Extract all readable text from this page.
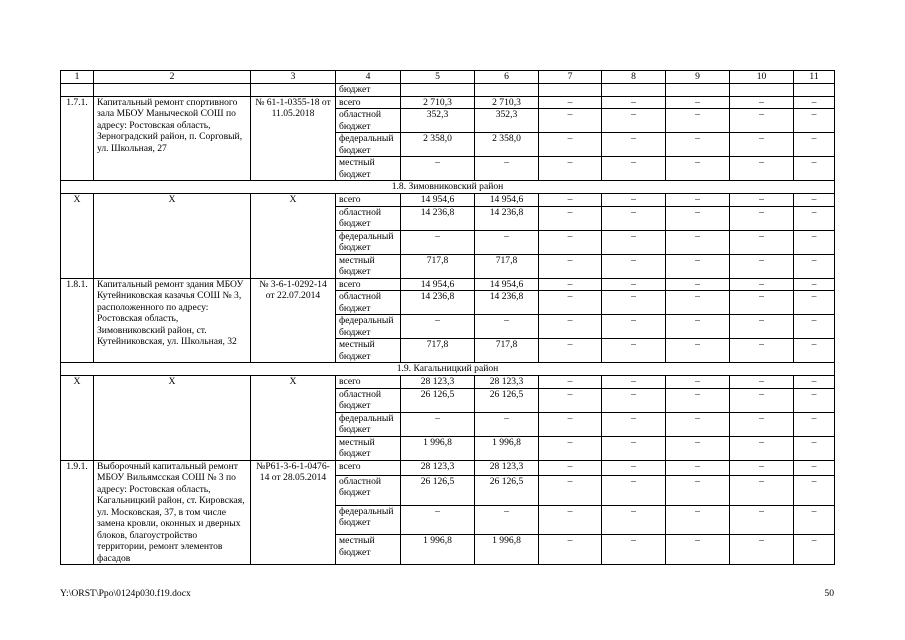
1	2	3	4	5	6	7	8	9	10	11
			бюджет							
1.7.1.	Капитальный ремонт спортивного зала МБОУ Маныческой СОШ по адресу: Ростовская область, Зерноградский район, п. Сорговый, ул. Школьная, 27	№ 61-1-0355-18 от 11.05.2018	всего	2 710,3	2 710,3	–	–	–	–	–
			областной бюджет	352,3	352,3	–	–	–	–	–
			федеральный бюджет	2 358,0	2 358,0	–	–	–	–	–
			местный бюджет	–	–	–	–	–	–	–
1.8. Зимовниковский район										
Х	Х	Х	всего	14 954,6	14 954,6	–	–	–	–	–
			областной бюджет	14 236,8	14 236,8	–	–	–	–	–
			федеральный бюджет	–	–	–	–	–	–	–
			местный бюджет	717,8	717,8	–	–	–	–	–
1.8.1.	Капитальный ремонт здания МБОУ Кутейниковская казачья СОШ № 3, расположенного по адресу: Ростовская область, Зимовниковский район, ст. Кутейниковская, ул. Школьная, 32	№ 3-6-1-0292-14 от 22.07.2014	всего	14 954,6	14 954,6	–	–	–	–	–
			областной бюджет	14 236,8	14 236,8	–	–	–	–	–
			федеральный бюджет	–	–	–	–	–	–	–
			местный бюджет	717,8	717,8	–	–	–	–	–
1.9. Кагальницкий район										
Х	Х	Х	всего	28 123,3	28 123,3	–	–	–	–	–
			областной бюджет	26 126,5	26 126,5	–	–	–	–	–
			федеральный бюджет	–	–	–	–	–	–	–
			местный бюджет	1 996,8	1 996,8	–	–	–	–	–
1.9.1.	Выборочный капитальный ремонт МБОУ Вильямсская СОШ № 3 по адресу: Ростовская область, Кагальницкий район, ст. Кировская, ул. Московская, 37, в том числе замена кровли, оконных и дверных блоков, благоустройство территории, ремонт элементов фасадов	№Р61-3-6-1-0476-14 от 28.05.2014	всего	28 123,3	28 123,3	–	–	–	–	–
			областной бюджет	26 126,5	26 126,5	–	–	–	–	–
			федеральный бюджет	–	–	–	–	–	–	–
			местный бюджет	1 996,8	1 996,8	–	–	–	–	–
Y:\ORST\Ppo\0124p030.f19.docx	50
